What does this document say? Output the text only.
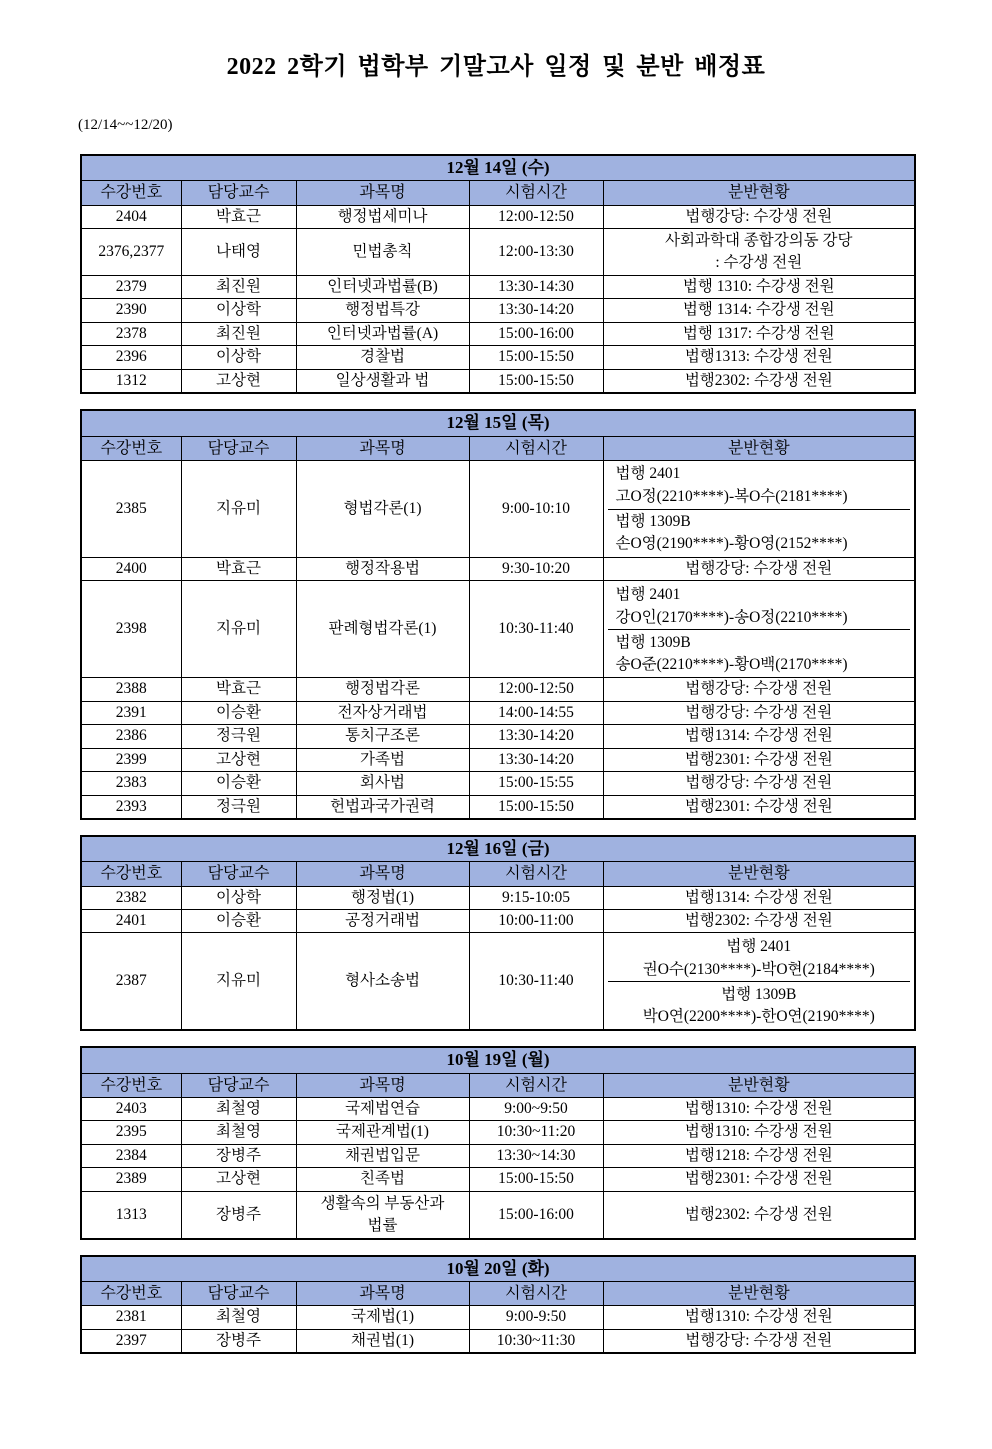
2022 2학기 법학부 기말고사 일정 및 분반 배정표
(12/14~~12/20)
12월 14일 (수)				
수강번호	담당교수	과목명	시험시간	분반현황
2404	박효근	행정법세미나	12:00-12:50	법행강당: 수강생 전원
2376,2377	나태영	민법총칙	12:00-13:30	사회과학대 종합강의동 강당
: 수강생 전원

2379	최진원	인터넷과법률(B)	13:30-14:30	법행 1310: 수강생 전원
2390	이상학	행정법특강	13:30-14:20	법행 1314: 수강생 전원
2378	최진원	인터넷과법률(A)	15:00-16:00	법행 1317: 수강생 전원
2396	이상학	경찰법	15:00-15:50	법행1313: 수강생 전원
1312	고상현	일상생활과 법	15:00-15:50	법행2302: 수강생 전원
12월 15일 (목)				
수강번호	담당교수	과목명	시험시간	분반현황
2385	지유미	형법각론(1)	9:00-10:10	법행 2401
고O정(2210****)-복O수(2181****)
법행 1309B
손O영(2190****)-황O영(2152****)

2400	박효근	행정작용법	9:30-10:20	법행강당: 수강생 전원
2398	지유미	판례형법각론(1)	10:30-11:40	법행 2401
강O인(2170****)-송O정(2210****)
법행 1309B
송O준(2210****)-황O백(2170****)

2388	박효근	행정법각론	12:00-12:50	법행강당: 수강생 전원
2391	이승환	전자상거래법	14:00-14:55	법행강당: 수강생 전원
2386	정극원	통치구조론	13:30-14:20	법행1314: 수강생 전원
2399	고상현	가족법	13:30-14:20	법행2301: 수강생 전원
2383	이승환	회사법	15:00-15:55	법행강당: 수강생 전원
2393	정극원	헌법과국가권력	15:00-15:50	법행2301: 수강생 전원
12월 16일 (금)				
수강번호	담당교수	과목명	시험시간	분반현황
2382	이상학	행정법(1)	9:15-10:05	법행1314: 수강생 전원
2401	이승환	공정거래법	10:00-11:00	법행2302: 수강생 전원
2387	지유미	형사소송법	10:30-11:40	법행 2401
권O수(2130****)-박O현(2184****)
법행 1309B
박O연(2200****)-한O연(2190****)
10월 19일 (월)				
수강번호	담당교수	과목명	시험시간	분반현황
2403	최철영	국제법연습	9:00~9:50	법행1310: 수강생 전원
2395	최철영	국제관계법(1)	10:30~11:20	법행1310: 수강생 전원
2384	장병주	채권법입문	13:30~14:30	법행1218: 수강생 전원
2389	고상현	친족법	15:00-15:50	법행2301: 수강생 전원
1313	장병주	생활속의 부동산과
법률	15:00-16:00	법행2302: 수강생 전원
10월 20일 (화)				
수강번호	담당교수	과목명	시험시간	분반현황
2381	최철영	국제법(1)	9:00-9:50	법행1310: 수강생 전원
2397	장병주	채권법(1)	10:30~11:30	법행강당: 수강생 전원
